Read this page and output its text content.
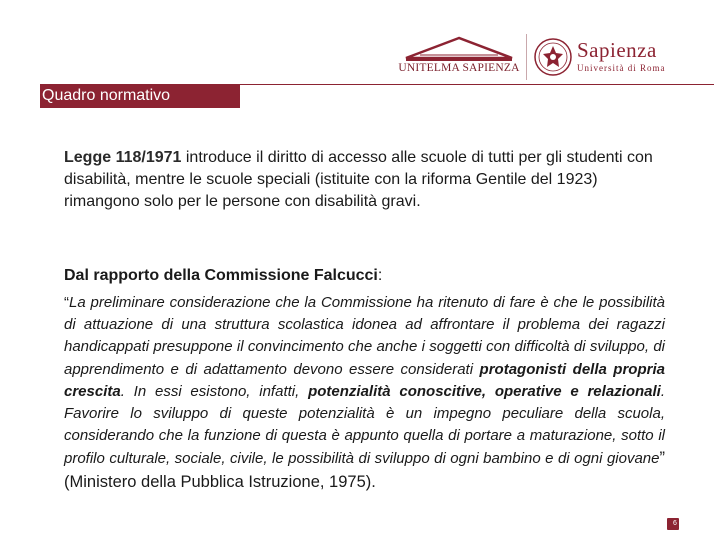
UNITELMA SAPIENZA
Sapienza
Università di Roma
Quadro normativo
Legge 118/1971 introduce il diritto di accesso alle scuole di tutti per gli studenti con disabilità, mentre le scuole speciali (istituite con la riforma Gentile del 1923) rimangono solo per le persone con disabilità gravi.
Dal rapporto della Commissione Falcucci:
“La preliminare considerazione che la Commissione ha ritenuto di fare è che le possibilità di attuazione di una struttura scolastica idonea ad affrontare il problema dei ragazzi handicappati presuppone il convincimento che anche i soggetti con difficoltà di sviluppo, di apprendimento e di adattamento devono essere considerati protagonisti della propria crescita. In essi esistono, infatti, potenzialità conoscitive, operative e relazionali. Favorire lo sviluppo di queste potenzialità è un impegno peculiare della scuola, considerando che la funzione di questa è appunto quella di portare a maturazione, sotto il profilo culturale, sociale, civile, le possibilità di sviluppo di ogni bambino e di ogni giovane” (Ministero della Pubblica Istruzione, 1975).
6
